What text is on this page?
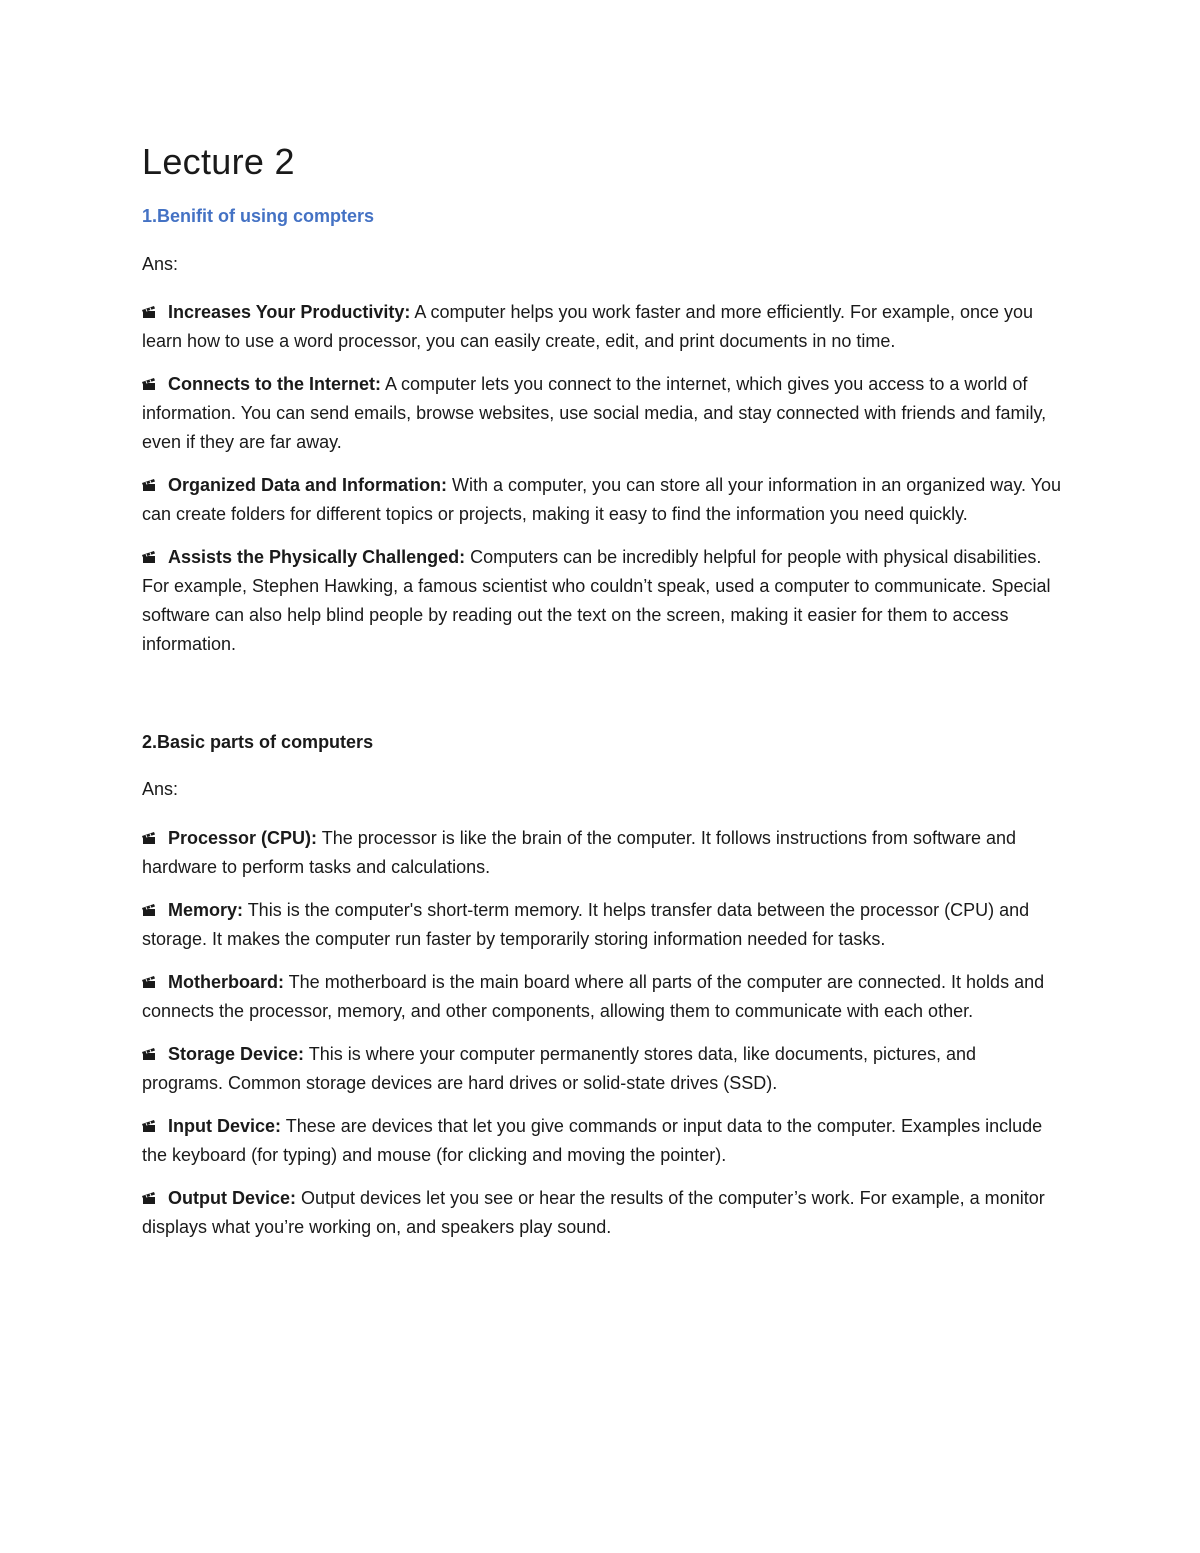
Lecture 2
1.Benifit of using compters
Ans:

Increases Your Productivity: A computer helps you work faster and more efficiently. For example, once you learn how to use a word processor, you can easily create, edit, and print documents in no time.

Connects to the Internet: A computer lets you connect to the internet, which gives you access to a world of information. You can send emails, browse websites, use social media, and stay connected with friends and family, even if they are far away.

Organized Data and Information: With a computer, you can store all your information in an organized way. You can create folders for different topics or projects, making it easy to find the information you need quickly.

Assists the Physically Challenged: Computers can be incredibly helpful for people with physical disabilities. For example, Stephen Hawking, a famous scientist who couldn’t speak, used a computer to communicate. Special software can also help blind people by reading out the text on the screen, making it easier for them to access information.

2.Basic parts of computers
Ans:

Processor (CPU): The processor is like the brain of the computer. It follows instructions from software and hardware to perform tasks and calculations.

Memory: This is the computer's short-term memory. It helps transfer data between the processor (CPU) and storage. It makes the computer run faster by temporarily storing information needed for tasks.

Motherboard: The motherboard is the main board where all parts of the computer are connected. It holds and connects the processor, memory, and other components, allowing them to communicate with each other.

Storage Device: This is where your computer permanently stores data, like documents, pictures, and programs. Common storage devices are hard drives or solid-state drives (SSD).

Input Device: These are devices that let you give commands or input data to the computer. Examples include the keyboard (for typing) and mouse (for clicking and moving the pointer).

Output Device: Output devices let you see or hear the results of the computer’s work. For example, a monitor displays what you’re working on, and speakers play sound.
